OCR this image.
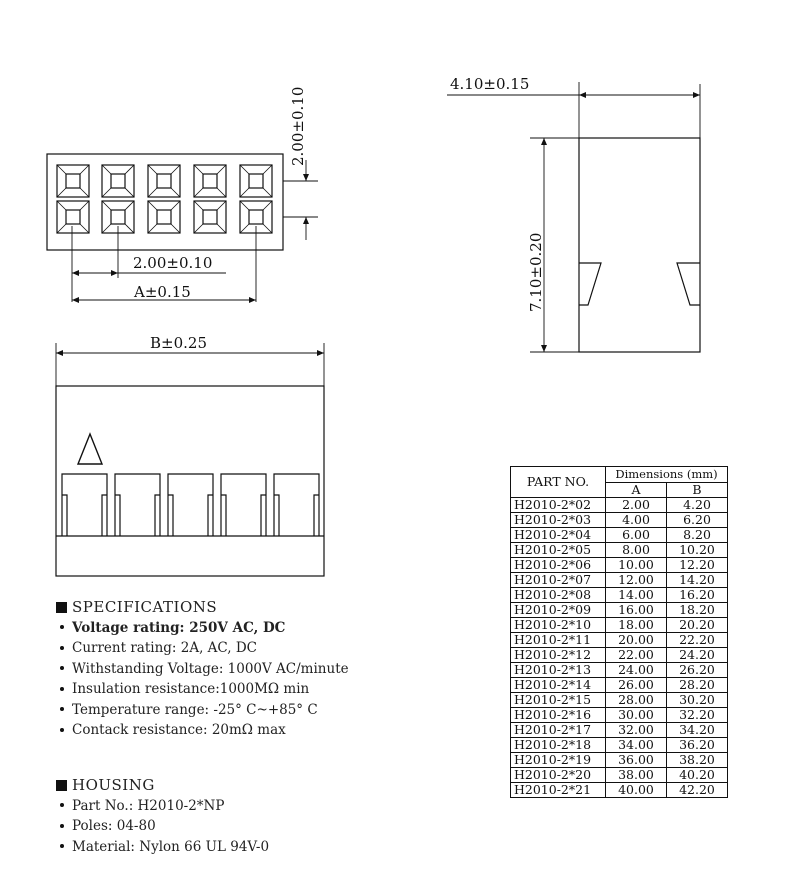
2.00±0.10
2.00±0.10
A±0.15
4.10±0.15
7.10±0.20
B±0.25
SPECIFICATIONS
Voltage rating: 250V AC, DC
Current rating: 2A, AC, DC
Withstanding Voltage: 1000V AC/minute
Insulation resistance:1000MΩ min
Temperature range: -25° C~+85° C
Contack resistance: 20mΩ max
HOUSING
Part No.: H2010-2*NP
Poles: 04-80
Material: Nylon 66 UL 94V-0
PART NO.	Dimensions (mm)	
	A	B
H2010-2*02	2.00	4.20
H2010-2*03	4.00	6.20
H2010-2*04	6.00	8.20
H2010-2*05	8.00	10.20
H2010-2*06	10.00	12.20
H2010-2*07	12.00	14.20
H2010-2*08	14.00	16.20
H2010-2*09	16.00	18.20
H2010-2*10	18.00	20.20
H2010-2*11	20.00	22.20
H2010-2*12	22.00	24.20
H2010-2*13	24.00	26.20
H2010-2*14	26.00	28.20
H2010-2*15	28.00	30.20
H2010-2*16	30.00	32.20
H2010-2*17	32.00	34.20
H2010-2*18	34.00	36.20
H2010-2*19	36.00	38.20
H2010-2*20	38.00	40.20
H2010-2*21	40.00	42.20
